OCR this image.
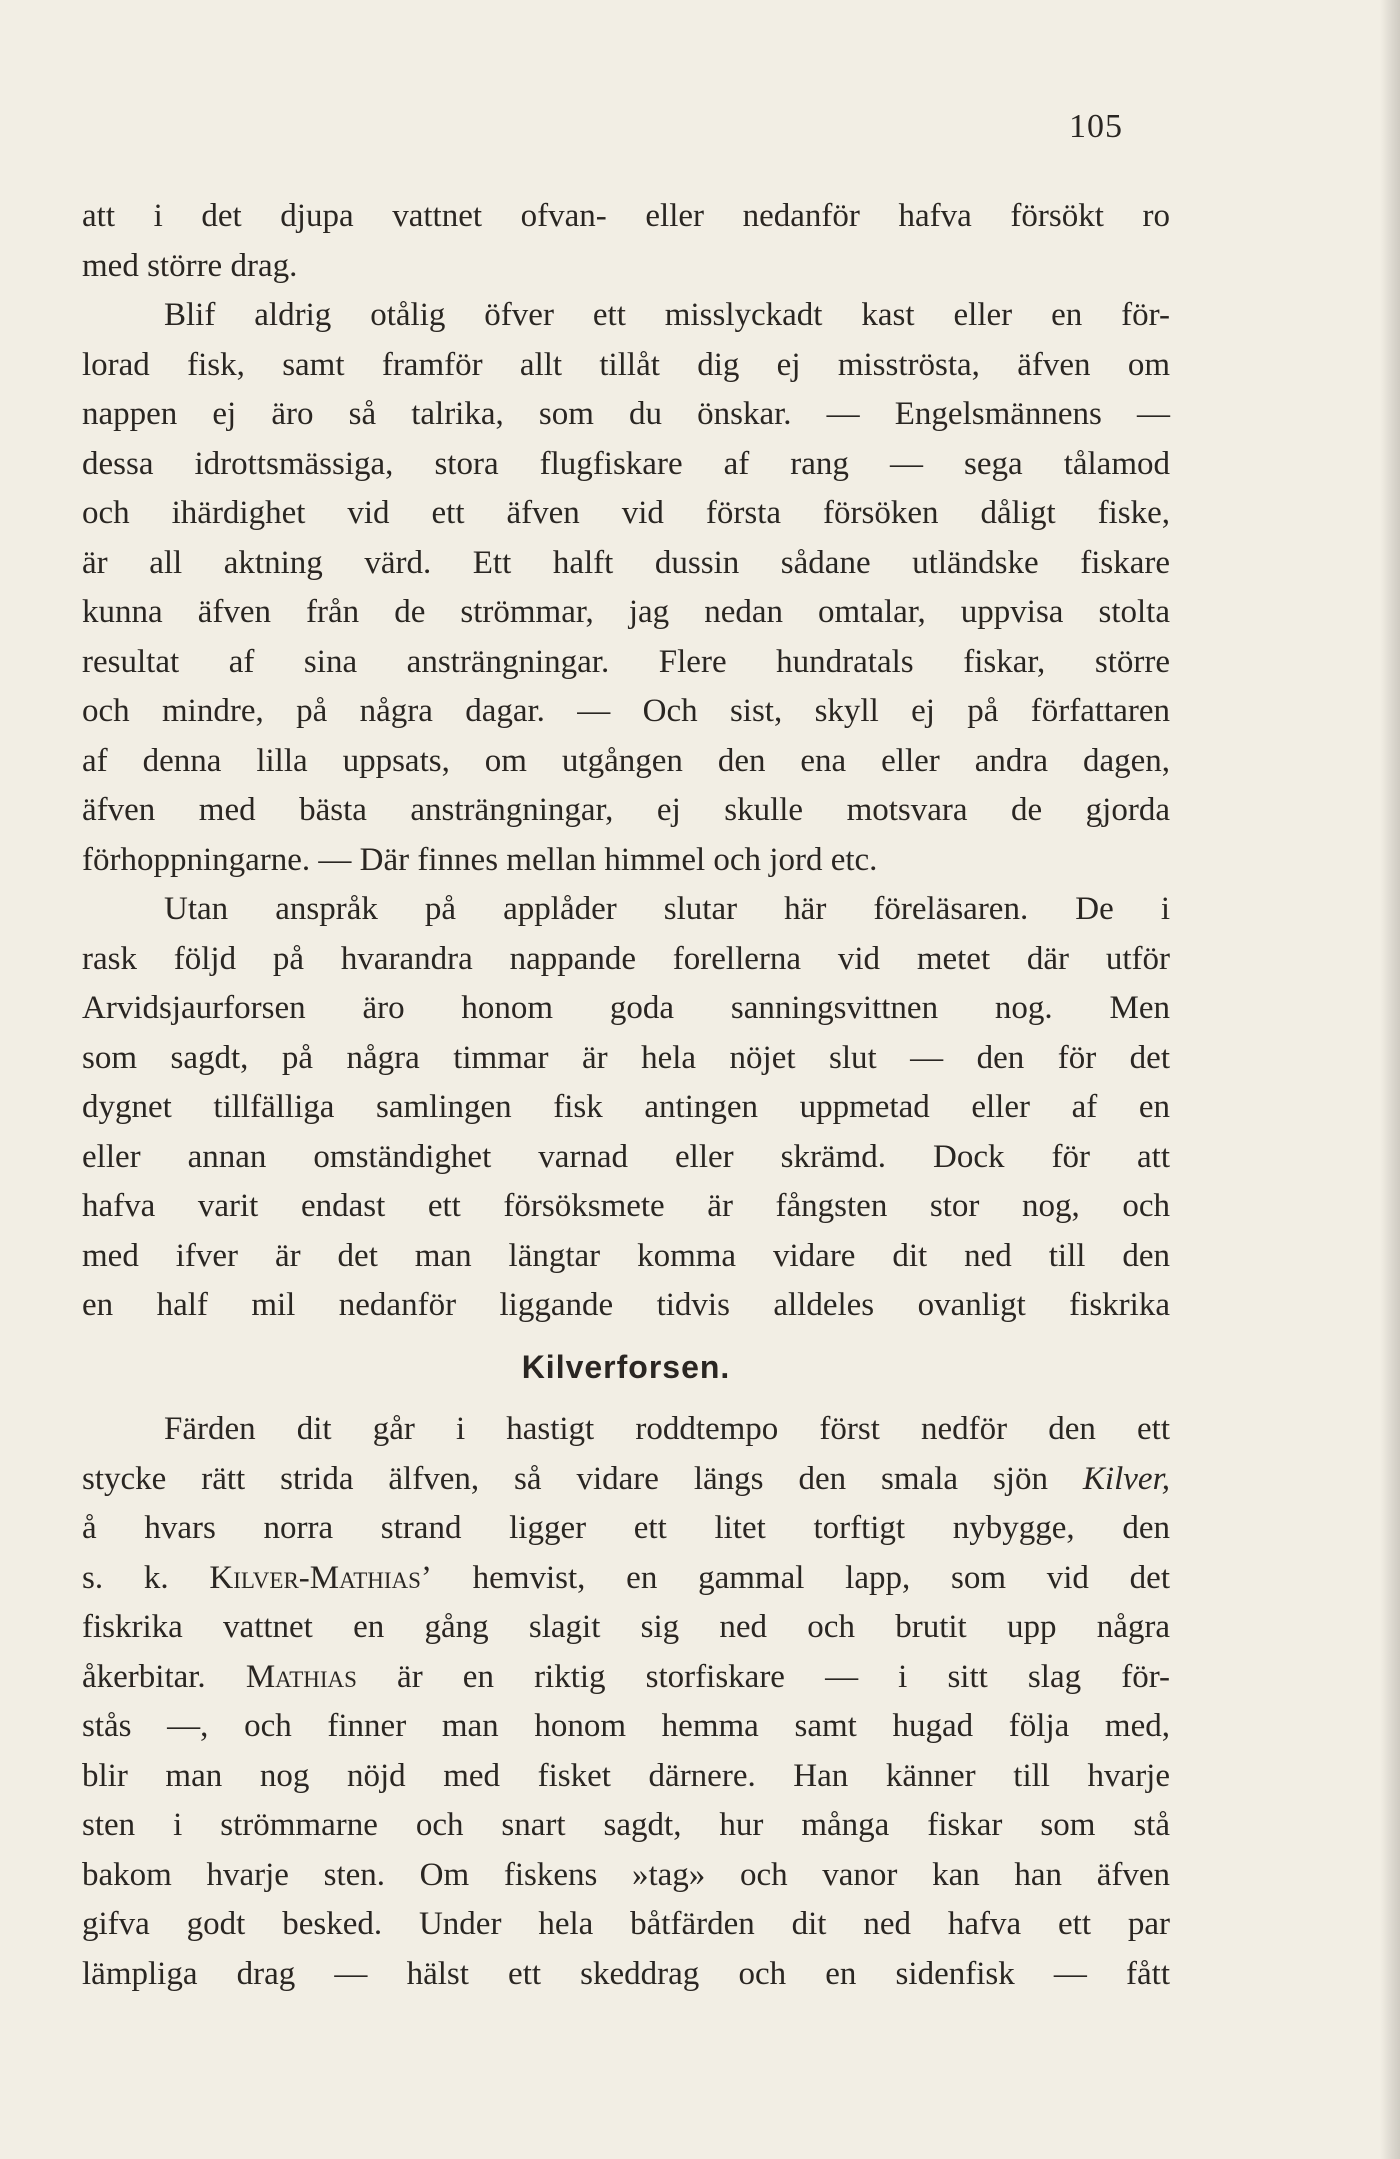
105

att i det djupa vattnet ofvan- eller nedanför hafva försökt ro

med större drag.

Blif aldrig otålig öfver ett misslyckadt kast eller en för-

lorad fisk, samt framför allt tillåt dig ej misströsta, äfven om

nappen ej äro så talrika, som du önskar. — Engelsmännens —

dessa idrottsmässiga, stora flugfiskare af rang — sega tålamod

och ihärdighet vid ett äfven vid första försöken dåligt fiske,

är all aktning värd. Ett halft dussin sådane utländske fiskare

kunna äfven från de strömmar, jag nedan omtalar, uppvisa stolta

resultat af sina ansträngningar. Flere hundratals fiskar, större

och mindre, på några dagar. — Och sist, skyll ej på författaren

af denna lilla uppsats, om utgången den ena eller andra dagen,

äfven med bästa ansträngningar, ej skulle motsvara de gjorda

förhoppningarne. — Där finnes mellan himmel och jord etc.

Utan anspråk på applåder slutar här föreläsaren. De i

rask följd på hvarandra nappande forellerna vid metet där utför

Arvidsjaurforsen äro honom goda sanningsvittnen nog. Men

som sagdt, på några timmar är hela nöjet slut — den för det

dygnet tillfälliga samlingen fisk antingen uppmetad eller af en

eller annan omständighet varnad eller skrämd. Dock för att

hafva varit endast ett försöksmete är fångsten stor nog, och

med ifver är det man längtar komma vidare dit ned till den

en half mil nedanför liggande tidvis alldeles ovanligt fiskrika

Kilverforsen.

Färden dit går i hastigt roddtempo först nedför den ett

stycke rätt strida älfven, så vidare längs den smala sjön Kilver,

å hvars norra strand ligger ett litet torftigt nybygge, den

s. k. Kilver-Mathias’ hemvist, en gammal lapp, som vid det

fiskrika vattnet en gång slagit sig ned och brutit upp några

åkerbitar. Mathias är en riktig storfiskare — i sitt slag för-

stås —, och finner man honom hemma samt hugad följa med,

blir man nog nöjd med fisket därnere. Han känner till hvarje

sten i strömmarne och snart sagdt, hur många fiskar som stå

bakom hvarje sten. Om fiskens »tag» och vanor kan han äfven

gifva godt besked. Under hela båtfärden dit ned hafva ett par

lämpliga drag — hälst ett skeddrag och en sidenfisk — fått
